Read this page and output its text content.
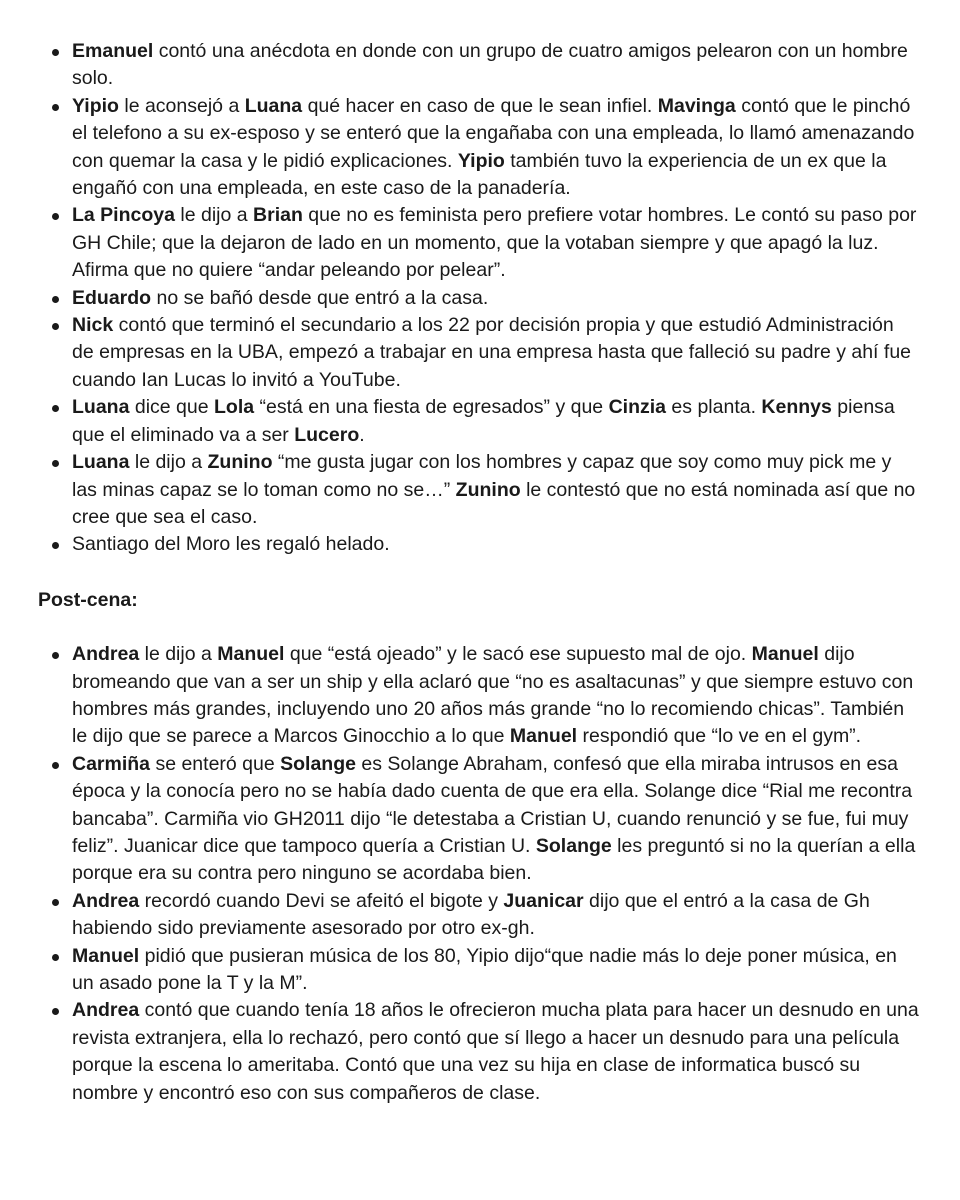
Emanuel contó una anécdota en donde con un grupo de cuatro amigos pelearon con un hombre solo.
Yipio le aconsejó a Luana qué hacer en caso de que le sean infiel. Mavinga contó que le pinchó el telefono a su ex-esposo y se enteró que la engañaba con una empleada, lo llamó amenazando con quemar la casa y le pidió explicaciones. Yipio también tuvo la experiencia de un ex que la engañó con una empleada, en este caso de la panadería.
La Pincoya le dijo a Brian que no es feminista pero prefiere votar hombres. Le contó su paso por GH Chile; que la dejaron de lado en un momento, que la votaban siempre y que apagó la luz. Afirma que no quiere “andar peleando por pelear”.
Eduardo no se bañó desde que entró a la casa.
Nick contó que terminó el secundario a los 22 por decisión propia y que estudió Administración de empresas en la UBA, empezó a trabajar en una empresa hasta que falleció su padre y ahí fue cuando Ian Lucas lo invitó a YouTube.
Luana dice que Lola “está en una fiesta de egresados” y que Cinzia es planta. Kennys piensa que el eliminado va a ser Lucero.
Luana le dijo a Zunino “me gusta jugar con los hombres y capaz que soy como muy pick me y las minas capaz se lo toman como no se…” Zunino le contestó que no está nominada así que no cree que sea el caso.
Santiago del Moro les regaló helado.
Post-cena:
Andrea le dijo a Manuel que “está ojeado” y le sacó ese supuesto mal de ojo. Manuel dijo bromeando que van a ser un ship y ella aclaró que “no es asaltacunas” y que siempre estuvo con hombres más grandes, incluyendo uno 20 años más grande “no lo recomiendo chicas”. También le dijo que se parece a Marcos Ginocchio a lo que Manuel respondió que “lo ve en el gym”.
Carmiña se enteró que Solange es Solange Abraham, confesó que ella miraba intrusos en esa época y la conocía pero no se había dado cuenta de que era ella. Solange dice “Rial me recontra bancaba”. Carmiña vio GH2011 dijo “le detestaba a Cristian U, cuando renunció y se fue, fui muy feliz”. Juanicar dice que tampoco quería a Cristian U. Solange les preguntó si no la querían a ella porque era su contra pero ninguno se acordaba bien.
Andrea recordó cuando Devi se afeitó el bigote y Juanicar dijo que el entró a la casa de Gh habiendo sido previamente asesorado por otro ex-gh.
Manuel pidió que pusieran música de los 80, Yipio dijo“que nadie más lo deje poner música, en un asado pone la T y la M”.
Andrea contó que cuando tenía 18 años le ofrecieron mucha plata para hacer un desnudo en una revista extranjera, ella lo rechazó, pero contó que sí llego a hacer un desnudo para una película porque la escena lo ameritaba. Contó que una vez su hija en clase de informatica buscó su nombre y encontró eso con sus compañeros de clase.
